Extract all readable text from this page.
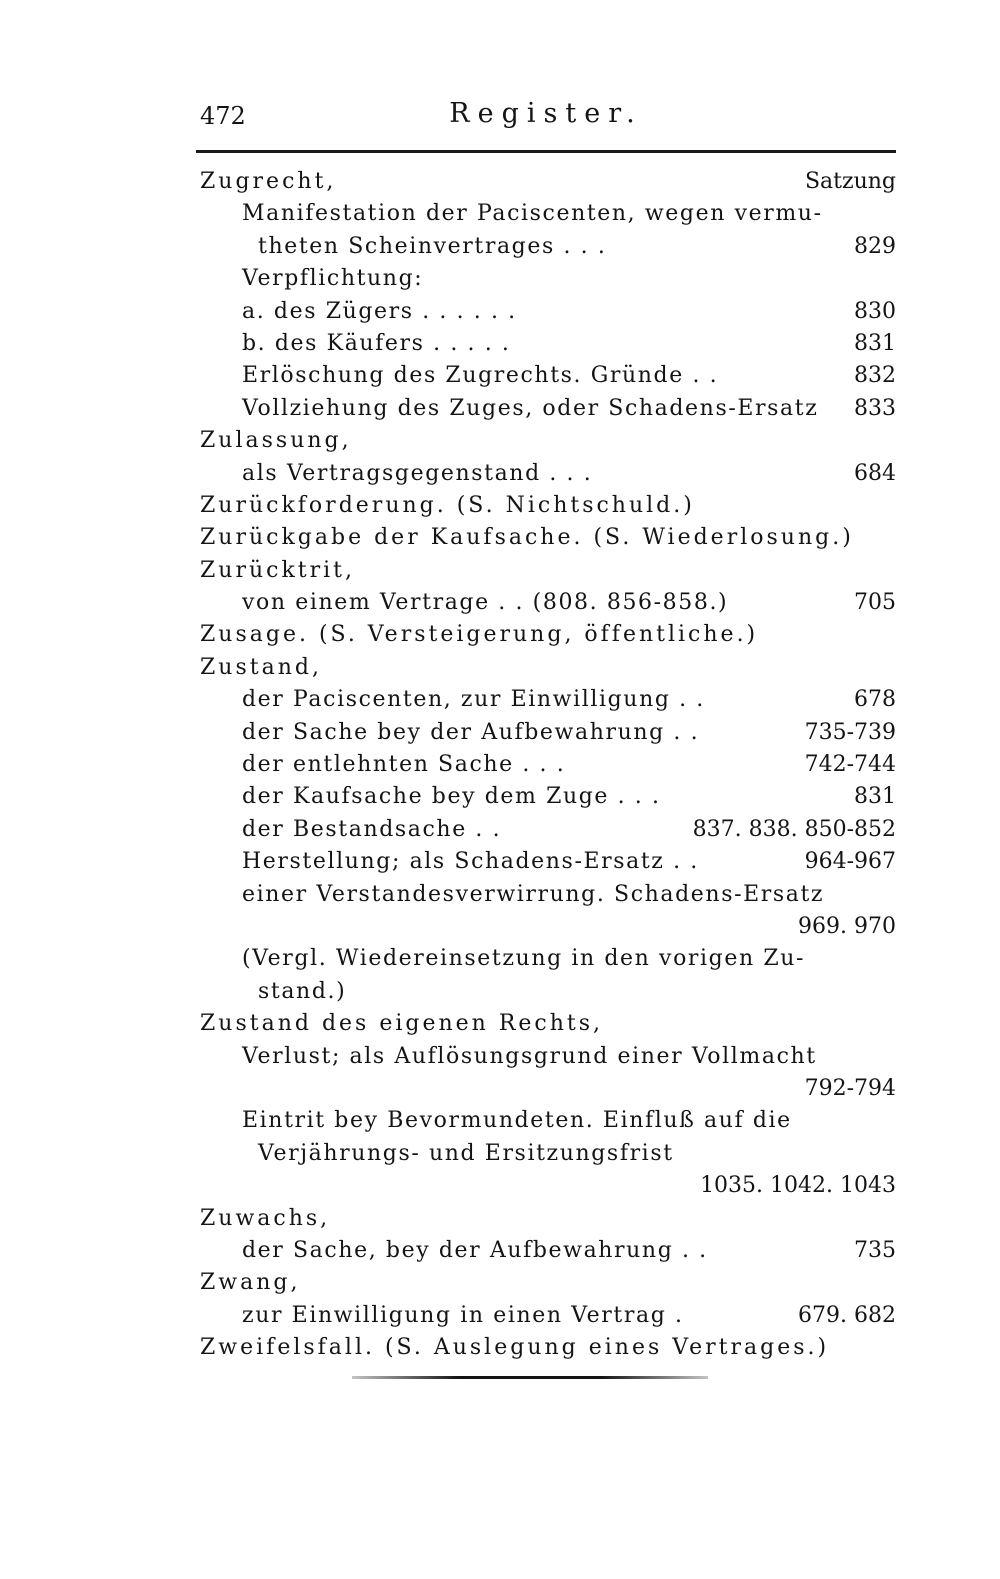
472	Register.
Zugrecht,	Satzung
Manifestation der Paciscenten, wegen vermu-
theten Scheinvertrages . . .	829
Verpflichtung:
a. des Zügers . . . . . .	830
b. des Käufers . . . . .	831
Erlöschung des Zugrechts. Gründe . .	832
Vollziehung des Zuges, oder Schadens-Ersatz 833
Zulassung,
als Vertragsgegenstand . . .	684
Zurückforderung. (S. Nichtschuld.)
Zurückgabe der Kaufsache. (S. Wiederlosung.)
Zurücktrit,
von einem Vertrage . . (808. 856-858.)	705
Zusage. (S. Versteigerung, öffentliche.)
Zustand,
der Paciscenten, zur Einwilligung . .	678
der Sache bey der Aufbewahrung . .	735-739
der entlehnten Sache . . .	742-744
der Kaufsache bey dem Zuge . . .	831
der Bestandsache . .	837. 838. 850-852
Herstellung; als Schadens-Ersatz . .	964-967
einer Verstandesverwirrung. Schadens-Ersatz
969. 970
(Vergl. Wiedereinsetzung in den vorigen Zu-
stand.)
Zustand des eigenen Rechts,
Verlust; als Auflösungsgrund einer Vollmacht
792-794
Eintrit bey Bevormundeten. Einfluß auf die
Verjährungs- und Ersitzungsfrist
1035. 1042. 1043
Zuwachs,
der Sache, bey der Aufbewahrung . .	735
Zwang,
zur Einwilligung in einen Vertrag .	679. 682
Zweifelsfall. (S. Auslegung eines Vertrages.)
